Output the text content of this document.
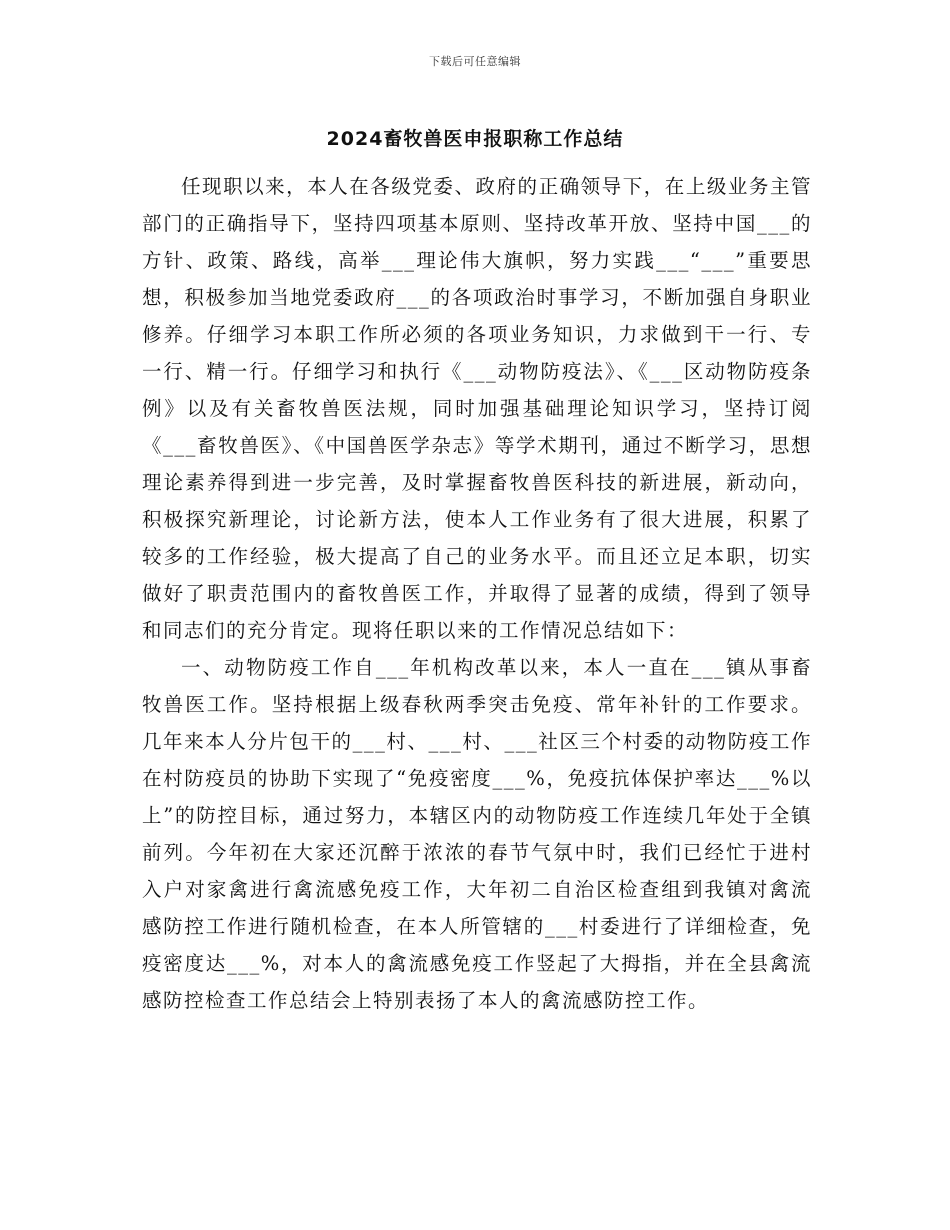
下载后可任意编辑
2024畜牧兽医申报职称工作总结

任现职以来，本人在各级党委、政府的正确领导下，在上级业务主管部门的正确指导下，坚持四项基本原则、坚持改革开放、坚持中国___的方针、政策、路线，高举___理论伟大旗帜，努力实践___“___”重要思想，积极参加当地党委政府___的各项政治时事学习，不断加强自身职业修养。仔细学习本职工作所必须的各项业务知识，力求做到干一行、专一行、精一行。仔细学习和执行《___动物防疫法》、《___区动物防疫条例》以及有关畜牧兽医法规，同时加强基础理论知识学习，坚持订阅《___畜牧兽医》、《中国兽医学杂志》等学术期刊，通过不断学习，思想理论素养得到进一步完善，及时掌握畜牧兽医科技的新进展，新动向，积极探究新理论，讨论新方法，使本人工作业务有了很大进展，积累了较多的工作经验，极大提高了自己的业务水平。而且还立足本职，切实做好了职责范围内的畜牧兽医工作，并取得了显著的成绩，得到了领导和同志们的充分肯定。现将任职以来的工作情况总结如下：

一、动物防疫工作自___年机构改革以来，本人一直在___镇从事畜牧兽医工作。坚持根据上级春秋两季突击免疫、常年补针的工作要求。几年来本人分片包干的___村、___村、___社区三个村委的动物防疫工作在村防疫员的协助下实现了“免疫密度___%，免疫抗体保护率达___%以上”的防控目标，通过努力，本辖区内的动物防疫工作连续几年处于全镇前列。今年初在大家还沉醉于浓浓的春节气氛中时，我们已经忙于进村入户对家禽进行禽流感免疫工作，大年初二自治区检查组到我镇对禽流感防控工作进行随机检查，在本人所管辖的___村委进行了详细检查，免疫密度达___%，对本人的禽流感免疫工作竖起了大拇指，并在全县禽流感防控检查工作总结会上特别表扬了本人的禽流感防控工作。
